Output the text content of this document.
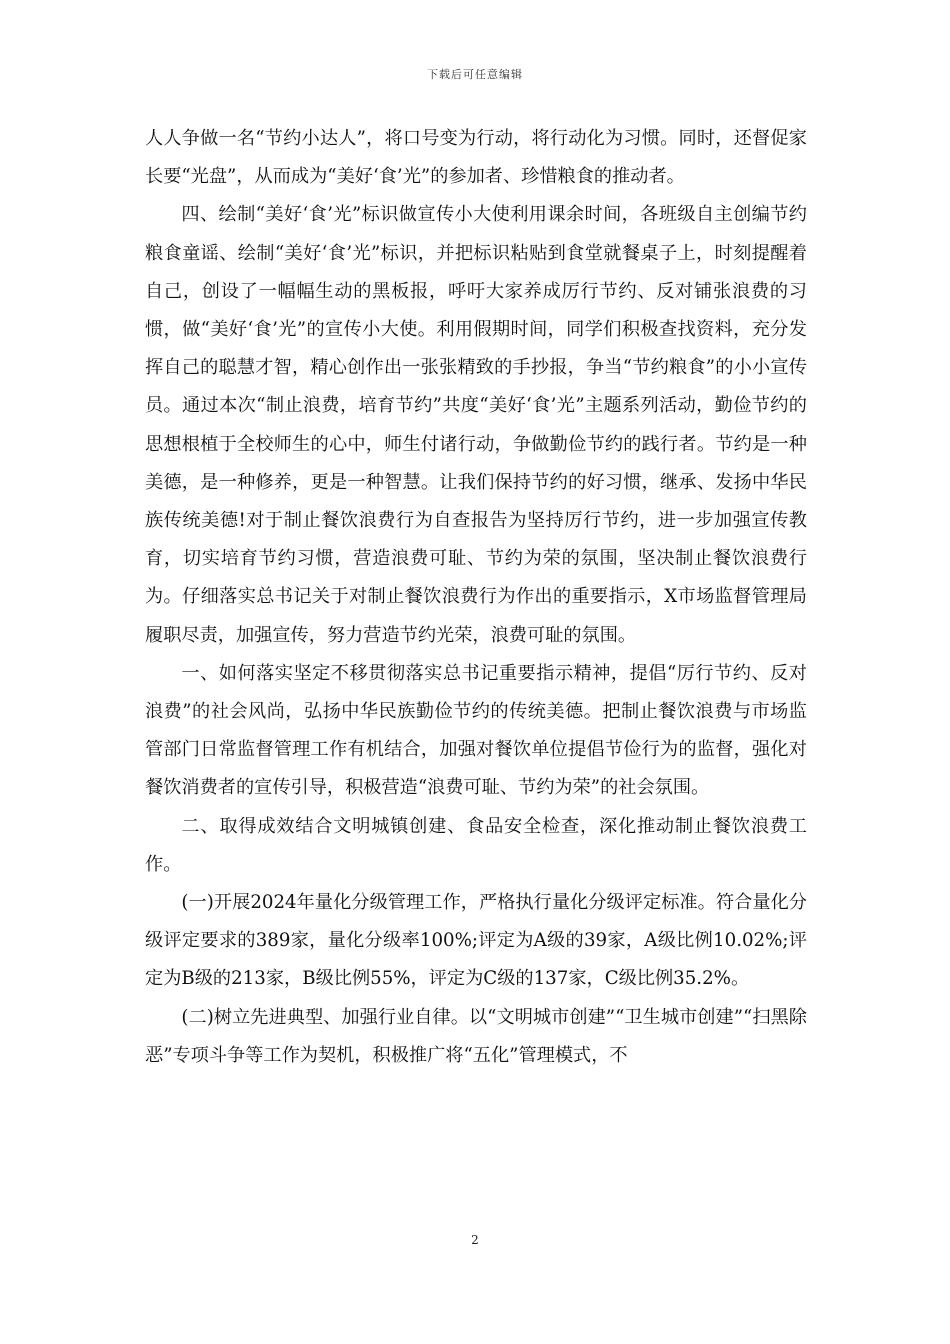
下载后可任意编辑

人人争做一名“节约小达人”，将口号变为行动，将行动化为习惯。同时，还督促家长要“光盘”，从而成为“美好‘食’光”的参加者、珍惜粮食的推动者。

四、绘制“美好‘食’光”标识做宣传小大使利用课余时间，各班级自主创编节约粮食童谣、绘制“美好‘食’光”标识，并把标识粘贴到食堂就餐桌子上，时刻提醒着自己，创设了一幅幅生动的黑板报，呼吁大家养成厉行节约、反对铺张浪费的习惯，做“美好‘食’光”的宣传小大使。利用假期时间，同学们积极查找资料，充分发挥自己的聪慧才智，精心创作出一张张精致的手抄报，争当“节约粮食”的小小宣传员。通过本次“制止浪费，培育节约”共度“美好‘食’光”主题系列活动，勤俭节约的思想根植于全校师生的心中，师生付诸行动，争做勤俭节约的践行者。节约是一种美德，是一种修养，更是一种智慧。让我们保持节约的好习惯，继承、发扬中华民族传统美德!对于制止餐饮浪费行为自查报告为坚持厉行节约，进一步加强宣传教育，切实培育节约习惯，营造浪费可耻、节约为荣的氛围，坚决制止餐饮浪费行为。仔细落实总书记关于对制止餐饮浪费行为作出的重要指示，X市场监督管理局履职尽责，加强宣传，努力营造节约光荣，浪费可耻的氛围。

一、如何落实坚定不移贯彻落实总书记重要指示精神，提倡“厉行节约、反对浪费”的社会风尚，弘扬中华民族勤俭节约的传统美德。把制止餐饮浪费与市场监管部门日常监督管理工作有机结合，加强对餐饮单位提倡节俭行为的监督，强化对餐饮消费者的宣传引导，积极营造“浪费可耻、节约为荣”的社会氛围。

二、取得成效结合文明城镇创建、食品安全检查，深化推动制止餐饮浪费工作。

(一)开展2024年量化分级管理工作，严格执行量化分级评定标准。符合量化分级评定要求的389家，量化分级率100%;评定为A级的39家，A级比例10.02%;评定为B级的213家，B级比例55%，评定为C级的137家，C级比例35.2%。

(二)树立先进典型、加强行业自律。以“文明城市创建”“卫生城市创建”“扫黑除恶”专项斗争等工作为契机，积极推广将“五化”管理模式，不

2
